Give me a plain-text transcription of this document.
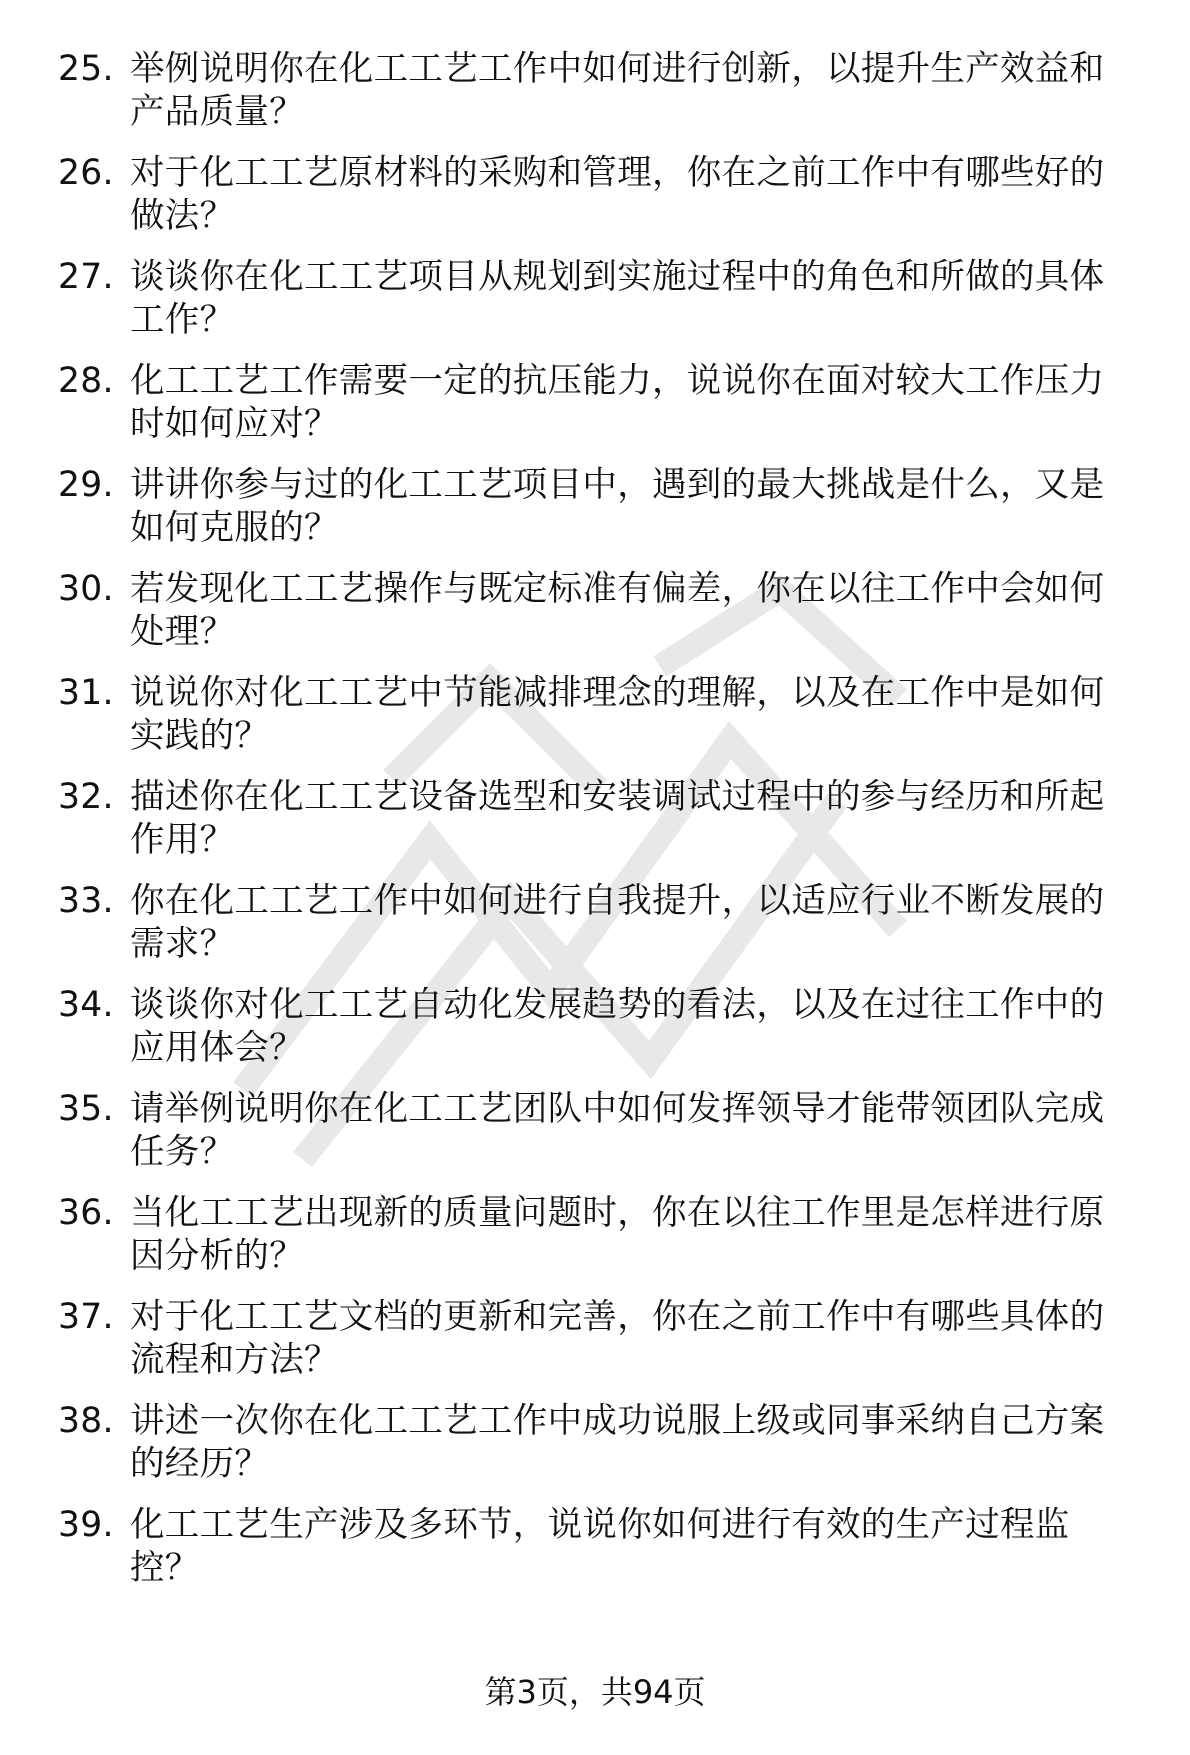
25. 举例说明你在化工工艺工作中如何进行创新，以提升生产效益和产品质量？
26. 对于化工工艺原材料的采购和管理，你在之前工作中有哪些好的做法？
27. 谈谈你在化工工艺项目从规划到实施过程中的角色和所做的具体工作？
28. 化工工艺工作需要一定的抗压能力，说说你在面对较大工作压力时如何应对？
29. 讲讲你参与过的化工工艺项目中，遇到的最大挑战是什么，又是如何克服的？
30. 若发现化工工艺操作与既定标准有偏差，你在以往工作中会如何处理？
31. 说说你对化工工艺中节能减排理念的理解，以及在工作中是如何实践的？
32. 描述你在化工工艺设备选型和安装调试过程中的参与经历和所起作用？
33. 你在化工工艺工作中如何进行自我提升，以适应行业不断发展的需求？
34. 谈谈你对化工工艺自动化发展趋势的看法，以及在过往工作中的应用体会？
35. 请举例说明你在化工工艺团队中如何发挥领导才能带领团队完成任务？
36. 当化工工艺出现新的质量问题时，你在以往工作里是怎样进行原因分析的？
37. 对于化工工艺文档的更新和完善，你在之前工作中有哪些具体的流程和方法？
38. 讲述一次你在化工工艺工作中成功说服上级或同事采纳自己方案的经历？
39. 化工工艺生产涉及多环节，说说你如何进行有效的生产过程监控？
第3页，共94页
